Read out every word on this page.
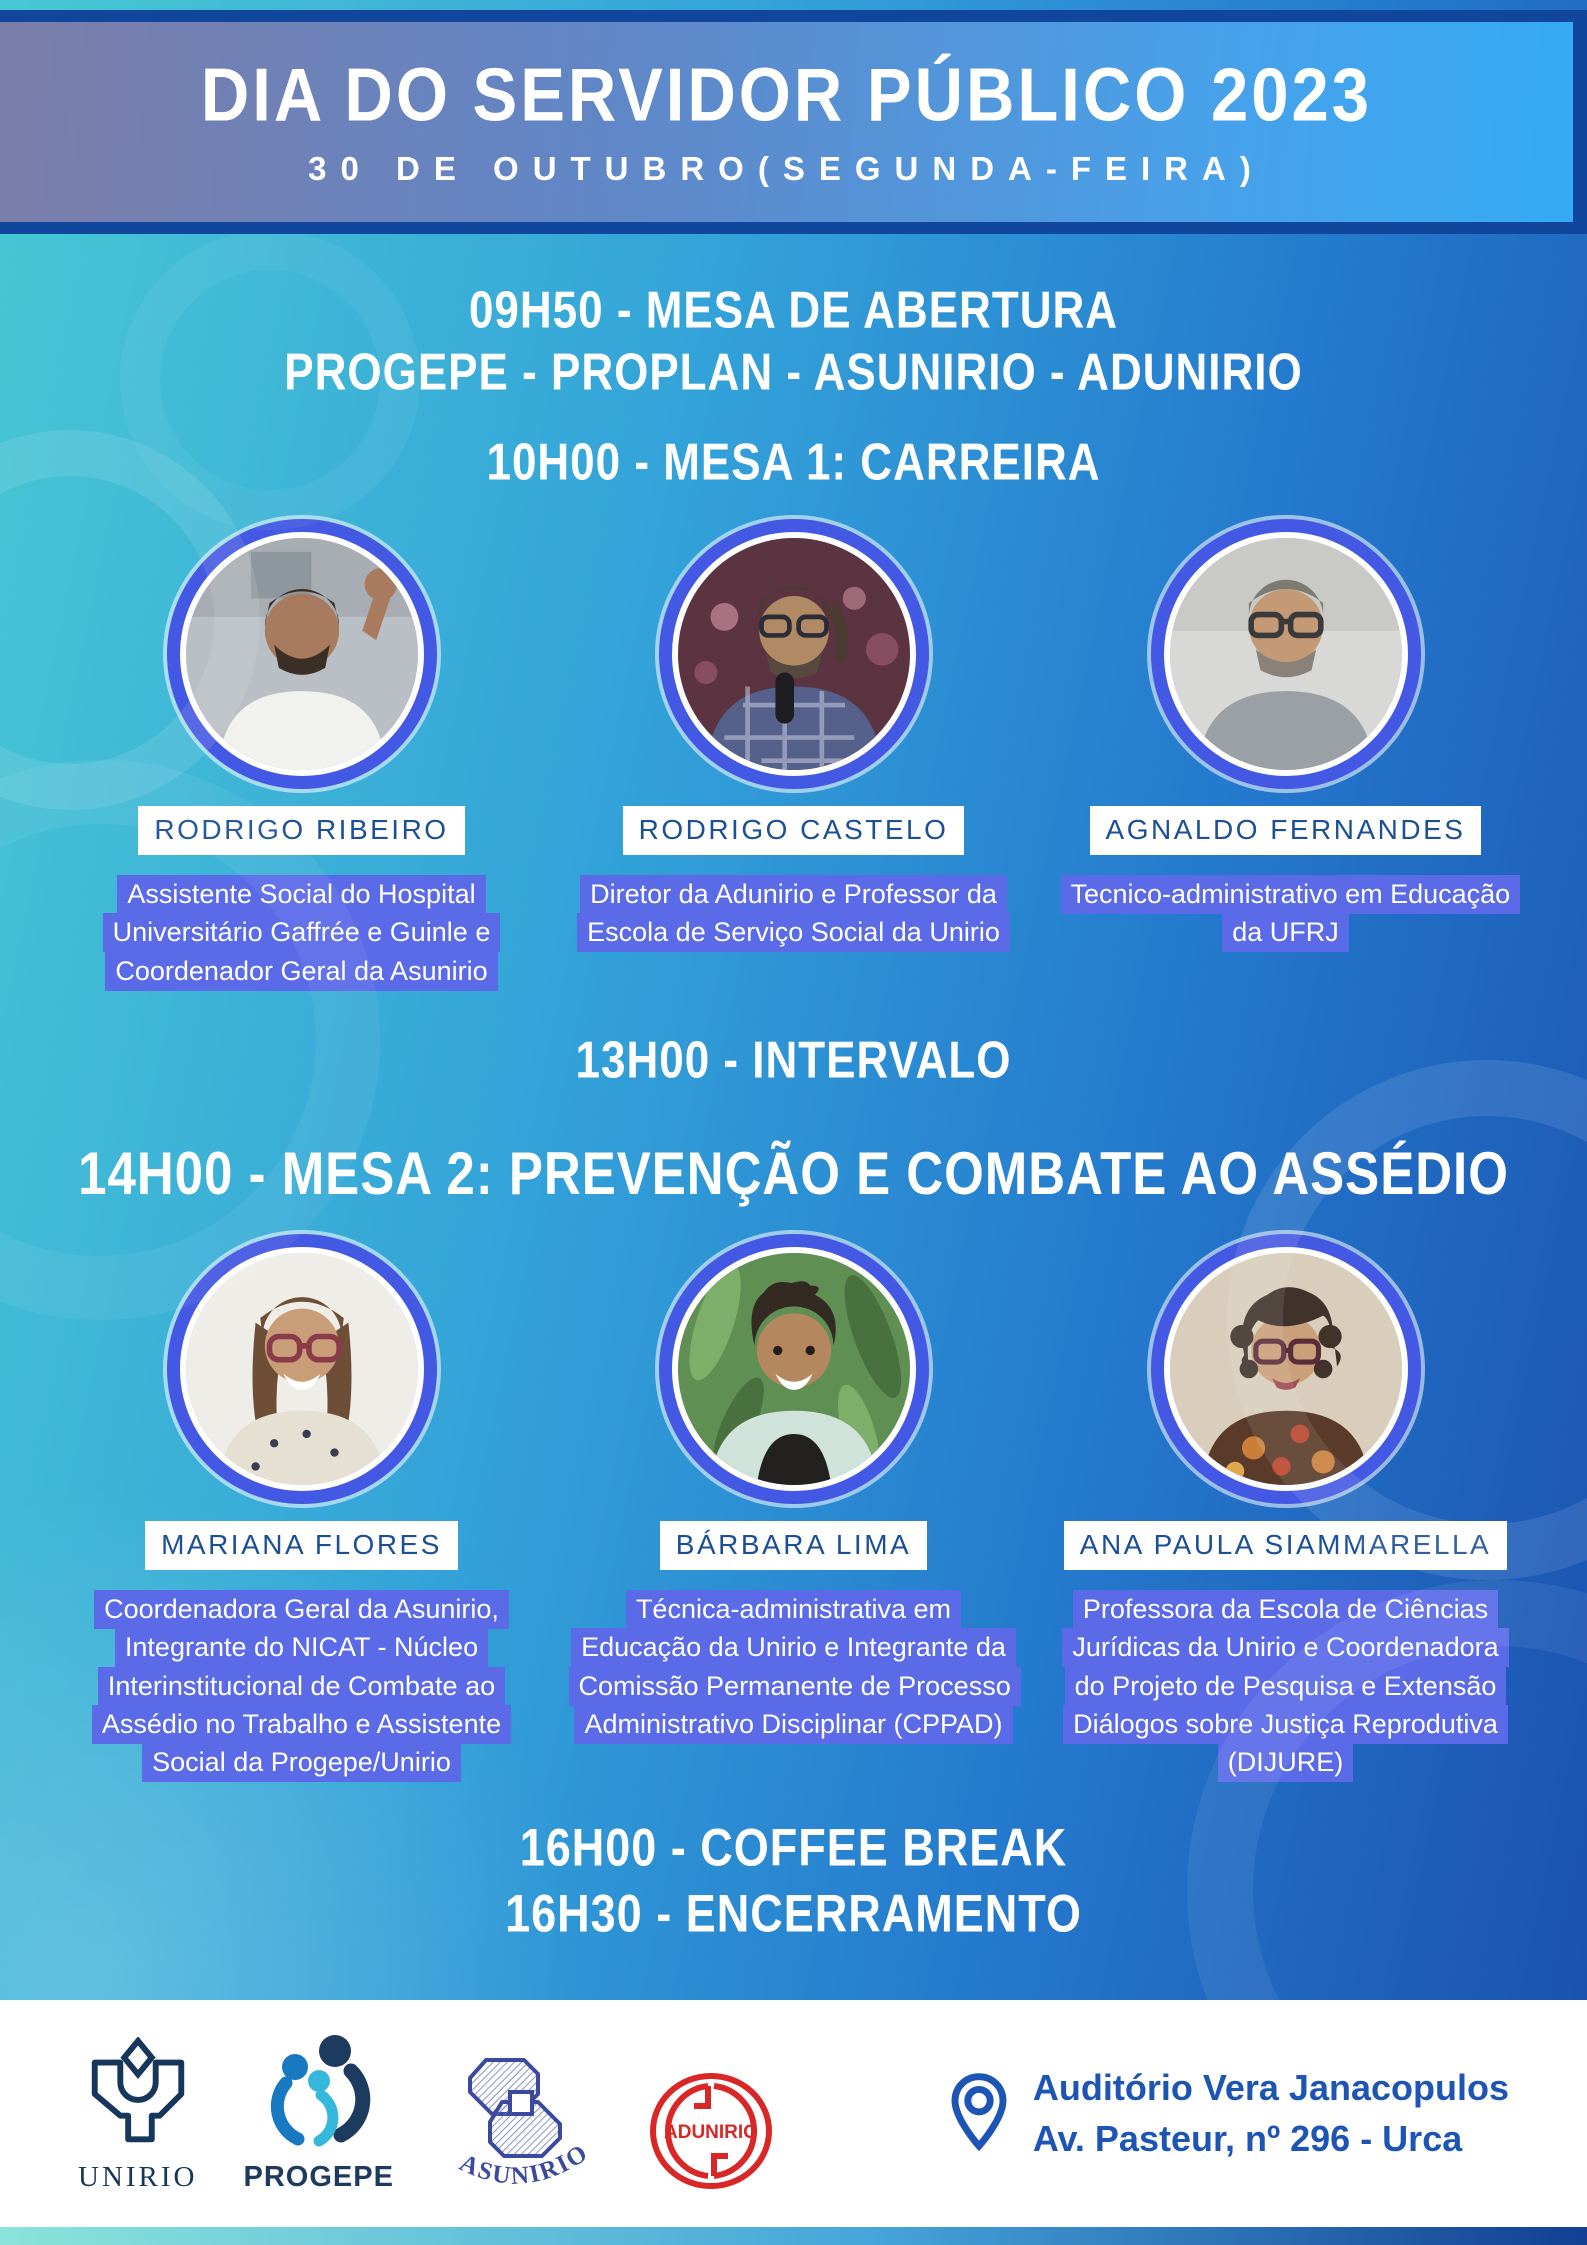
DIA DO SERVIDOR PÚBLICO 2023
30 DE OUTUBRO(SEGUNDA-FEIRA)
09H50 - MESA DE ABERTURA
PROGEPE - PROPLAN - ASUNIRIO - ADUNIRIO
10H00 - MESA 1: CARREIRA
RODRIGO RIBEIRO

Assistente Social do Hospital Universitário Gaffrée e Guinle e Coordenador Geral da Asunirio

RODRIGO CASTELO

Diretor da Adunirio e Professor da Escola de Serviço Social da Unirio

AGNALDO FERNANDES

Tecnico-administrativo em Educação da UFRJ

13H00 - INTERVALO
14H00 - MESA 2: PREVENÇÃO E COMBATE AO ASSÉDIO
MARIANA FLORES

Coordenadora Geral da Asunirio, Integrante do NICAT - Núcleo Interinstitucional de Combate ao Assédio no Trabalho e Assistente Social da Progepe/Unirio

BÁRBARA LIMA

Técnica-administrativa em Educação da Unirio e Integrante da Comissão Permanente de Processo Administrativo Disciplinar (CPPAD)

ANA PAULA SIAMMARELLA

Professora da Escola de Ciências Jurídicas da Unirio e Coordenadora do Projeto de Pesquisa e Extensão Diálogos sobre Justiça Reprodutiva (DIJURE)

16H00 - COFFEE BREAK
16H30 - ENCERRAMENTO
UNIRIO PROGEPE ASUNIRIO
ADUNIRIO
Auditório Vera Janacopulos
Av. Pasteur, nº 296 - Urca
